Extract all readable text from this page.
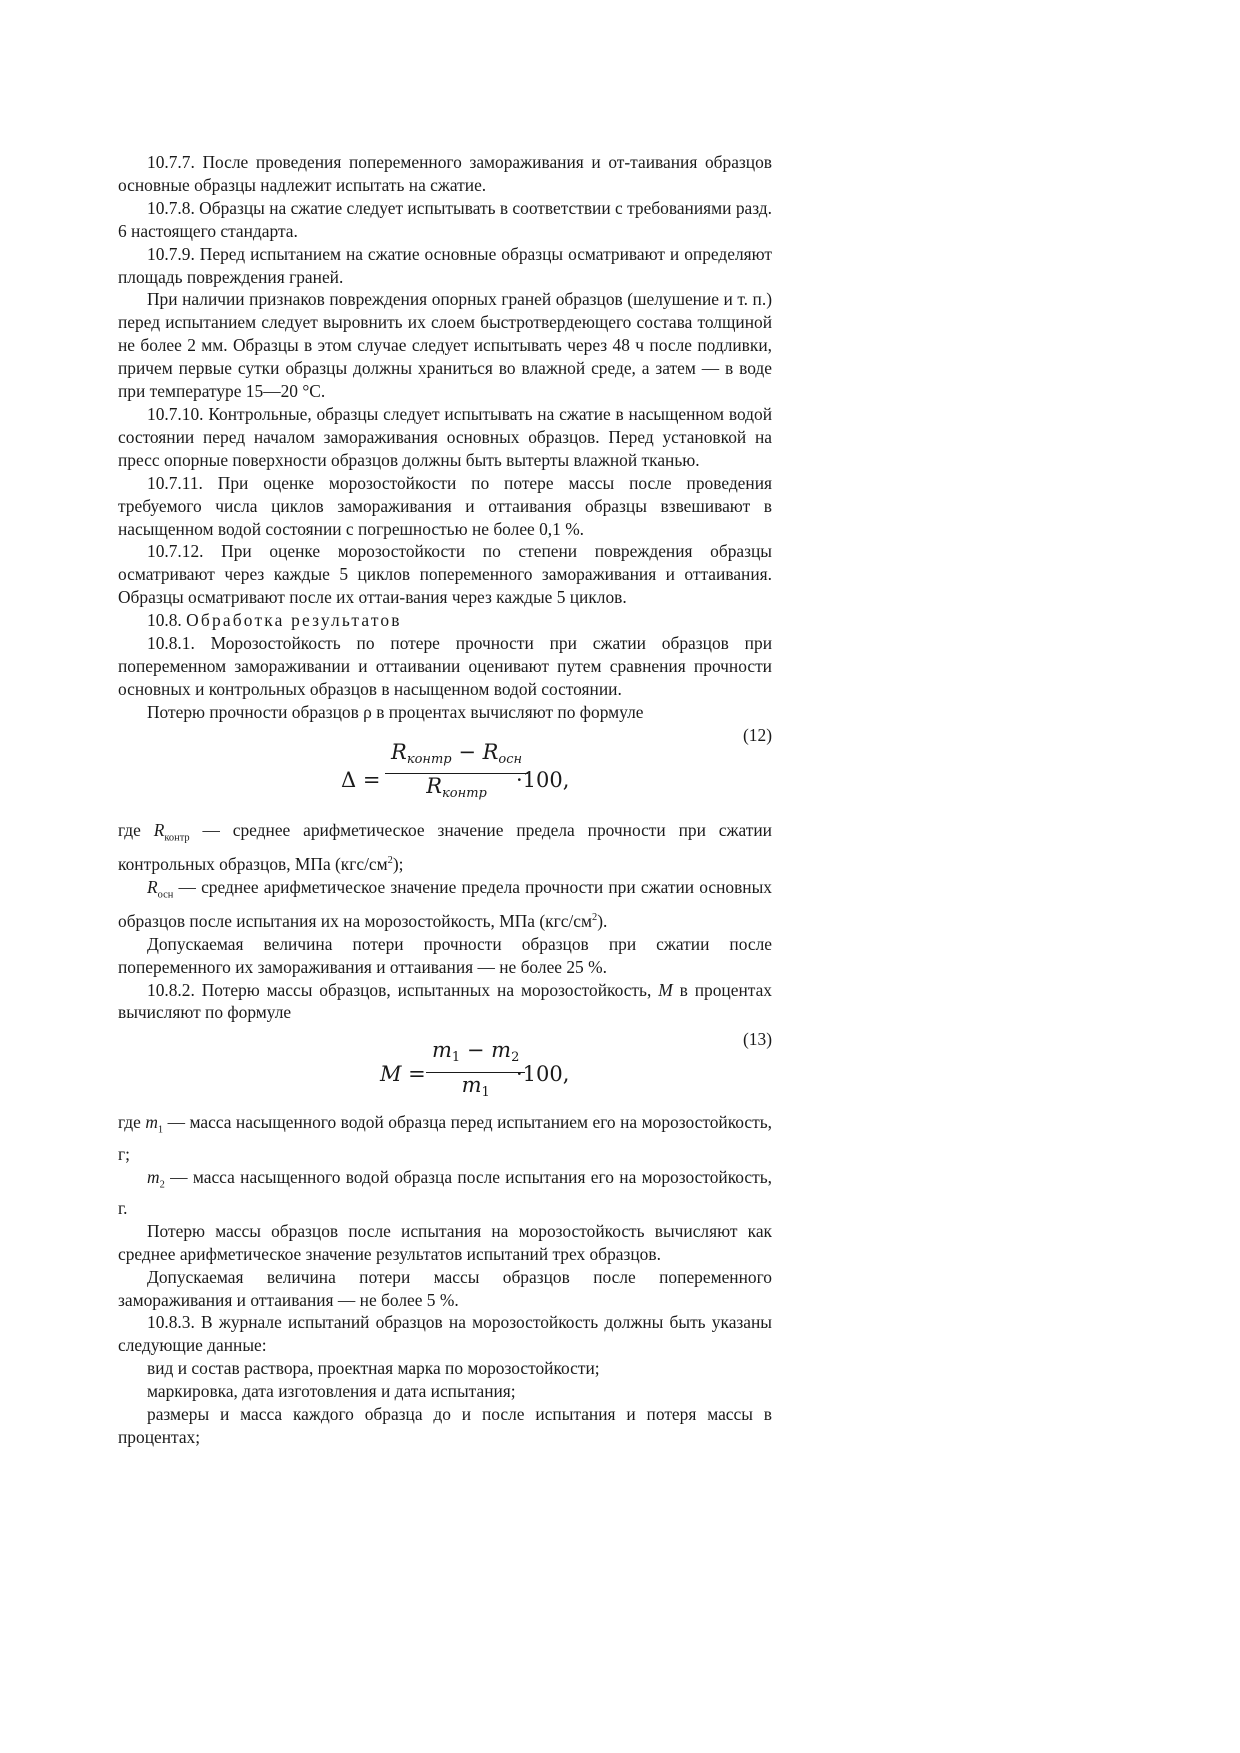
10.7.7. После проведения попеременного замораживания и от-таивания образцов основные образцы надлежит испытать на сжатие.

10.7.8. Образцы на сжатие следует испытывать в соответствии с требованиями разд. 6 настоящего стандарта.

10.7.9. Перед испытанием на сжатие основные образцы осматривают и определяют площадь повреждения граней.

При наличии признаков повреждения опорных граней образцов (шелушение и т. п.) перед испытанием следует выровнить их слоем быстротвердеющего состава толщиной не более 2 мм. Образцы в этом случае следует испытывать через 48 ч после подливки, причем первые сутки образцы должны храниться во влажной среде, а затем — в воде при температуре 15—20 °С.

10.7.10. Контрольные, образцы следует испытывать на сжатие в насыщенном водой состоянии перед началом замораживания основных образцов. Перед установкой на пресс опорные поверхности образцов должны быть вытерты влажной тканью.

10.7.11. При оценке морозостойкости по потере массы после проведения требуемого числа циклов замораживания и оттаивания образцы взвешивают в насыщенном водой состоянии с погрешностью не более 0,1 %.

10.7.12. При оценке морозостойкости по степени повреждения образцы осматривают через каждые 5 циклов попеременного замораживания и оттаивания. Образцы осматривают после их оттаи-вания через каждые 5 циклов.

10.8. Обработка результатов

10.8.1. Морозостойкость по потере прочности при сжатии образцов при попеременном замораживании и оттаивании оценивают путем сравнения прочности основных и контрольных образцов в насыщенном водой состоянии.

Потерю прочности образцов ρ в процентах вычисляют по формуле

(12)

Δ =
Rконтр − Rосн
Rконтр
·100,

где $R_{контр}$ — среднее арифметическое значение предела прочности при сжатии контрольных образцов, МПа $(кгс/см^2)$;

$R_{осн}$ — среднее арифметическое значение предела прочности при сжатии основных образцов после испытания их на морозостойкость, МПа $(кгс/см^2)$.

Допускаемая величина потери прочности образцов при сжатии после попеременного их замораживания и оттаивания — не более 25 %.

10.8.2. Потерю массы образцов, испытанных на морозостойкость, M в процентах вычисляют по формуле

(13)

M =
m1 − m2
m1
·100,

где $m_1$ — масса насыщенного водой образца перед испытанием его на морозостойкость, г;

$m_2$ — масса насыщенного водой образца после испытания его на морозостойкость, г.

Потерю массы образцов после испытания на морозостойкость вычисляют как среднее арифметическое значение результатов испытаний трех образцов.

Допускаемая величина потери массы образцов после попеременного замораживания и оттаивания — не более 5 %.

10.8.3. В журнале испытаний образцов на морозостойкость должны быть указаны следующие данные:

вид и состав раствора, проектная марка по морозостойкости;

маркировка, дата изготовления и дата испытания;

размеры и масса каждого образца до и после испытания и потеря массы в процентах;
